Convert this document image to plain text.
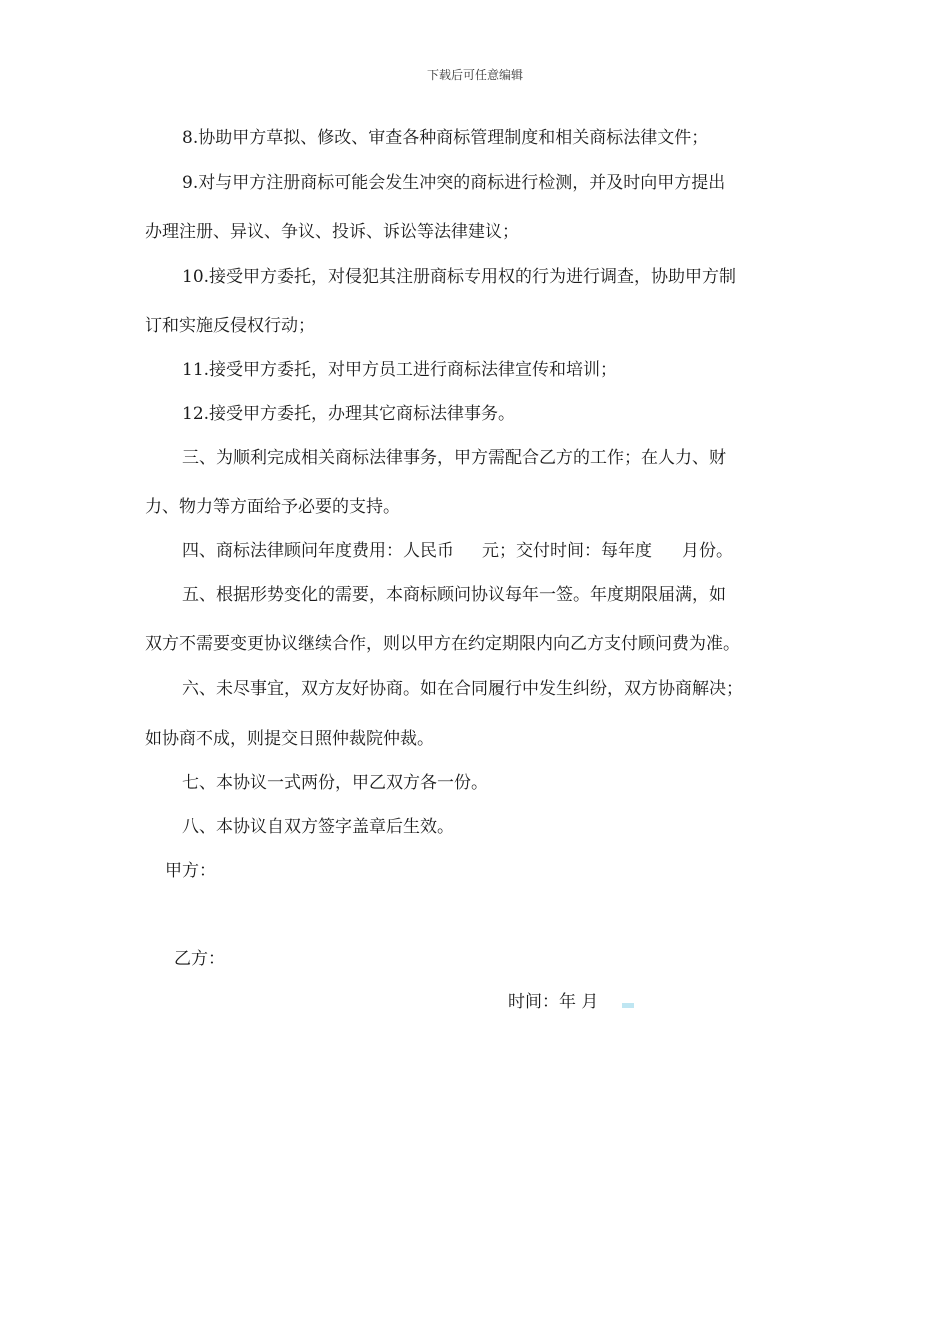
下载后可任意编辑
8.协助甲方草拟、修改、审查各种商标管理制度和相关商标法律文件；
9.对与甲方注册商标可能会发生冲突的商标进行检测，并及时向甲方提出
办理注册、异议、争议、投诉、诉讼等法律建议；
10.接受甲方委托，对侵犯其注册商标专用权的行为进行调查，协助甲方制
订和实施反侵权行动；
11.接受甲方委托，对甲方员工进行商标法律宣传和培训；
12.接受甲方委托，办理其它商标法律事务。
三、为顺利完成相关商标法律事务，甲方需配合乙方的工作；在人力、财
力、物力等方面给予必要的支持。
四、商标法律顾问年度费用：人民币 元；交付时间：每年度 月份。
五、根据形势变化的需要，本商标顾问协议每年一签。年度期限届满，如
双方不需要变更协议继续合作，则以甲方在约定期限内向乙方支付顾问费为准。
六、未尽事宜，双方友好协商。如在合同履行中发生纠纷，双方协商解决；
如协商不成，则提交日照仲裁院仲裁。
七、本协议一式两份，甲乙双方各一份。
八、本协议自双方签字盖章后生效。
甲方：
乙方：
时间：年 月
